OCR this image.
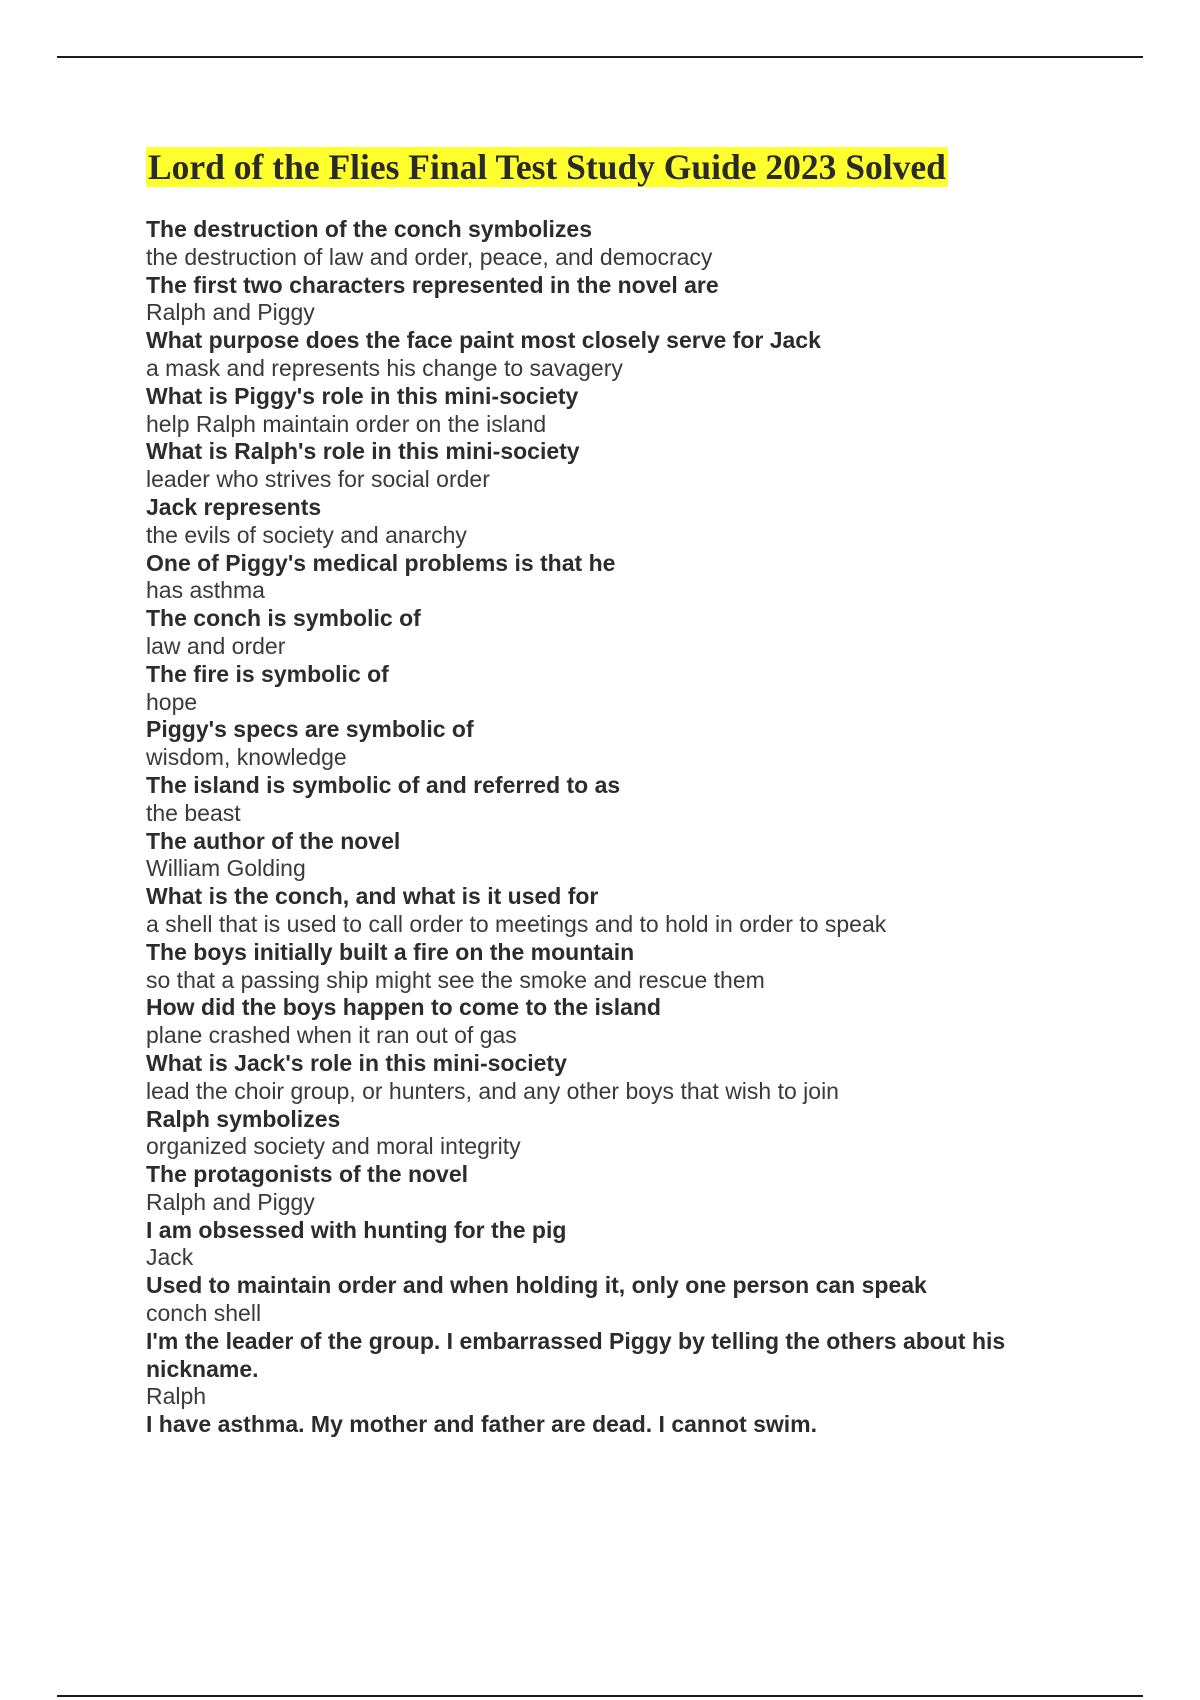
Lord of the Flies Final Test Study Guide 2023 Solved
The destruction of the conch symbolizes
the destruction of law and order, peace, and democracy
The first two characters represented in the novel are
Ralph and Piggy
What purpose does the face paint most closely serve for Jack
a mask and represents his change to savagery
What is Piggy's role in this mini-society
help Ralph maintain order on the island
What is Ralph's role in this mini-society
leader who strives for social order
Jack represents
the evils of society and anarchy
One of Piggy's medical problems is that he
has asthma
The conch is symbolic of
law and order
The fire is symbolic of
hope
Piggy's specs are symbolic of
wisdom, knowledge
The island is symbolic of and referred to as
the beast
The author of the novel
William Golding
What is the conch, and what is it used for
a shell that is used to call order to meetings and to hold in order to speak
The boys initially built a fire on the mountain
so that a passing ship might see the smoke and rescue them
How did the boys happen to come to the island
plane crashed when it ran out of gas
What is Jack's role in this mini-society
lead the choir group, or hunters, and any other boys that wish to join
Ralph symbolizes
organized society and moral integrity
The protagonists of the novel
Ralph and Piggy
I am obsessed with hunting for the pig
Jack
Used to maintain order and when holding it, only one person can speak
conch shell
I'm the leader of the group. I embarrassed Piggy by telling the others about his nickname.
Ralph
I have asthma. My mother and father are dead. I cannot swim.
